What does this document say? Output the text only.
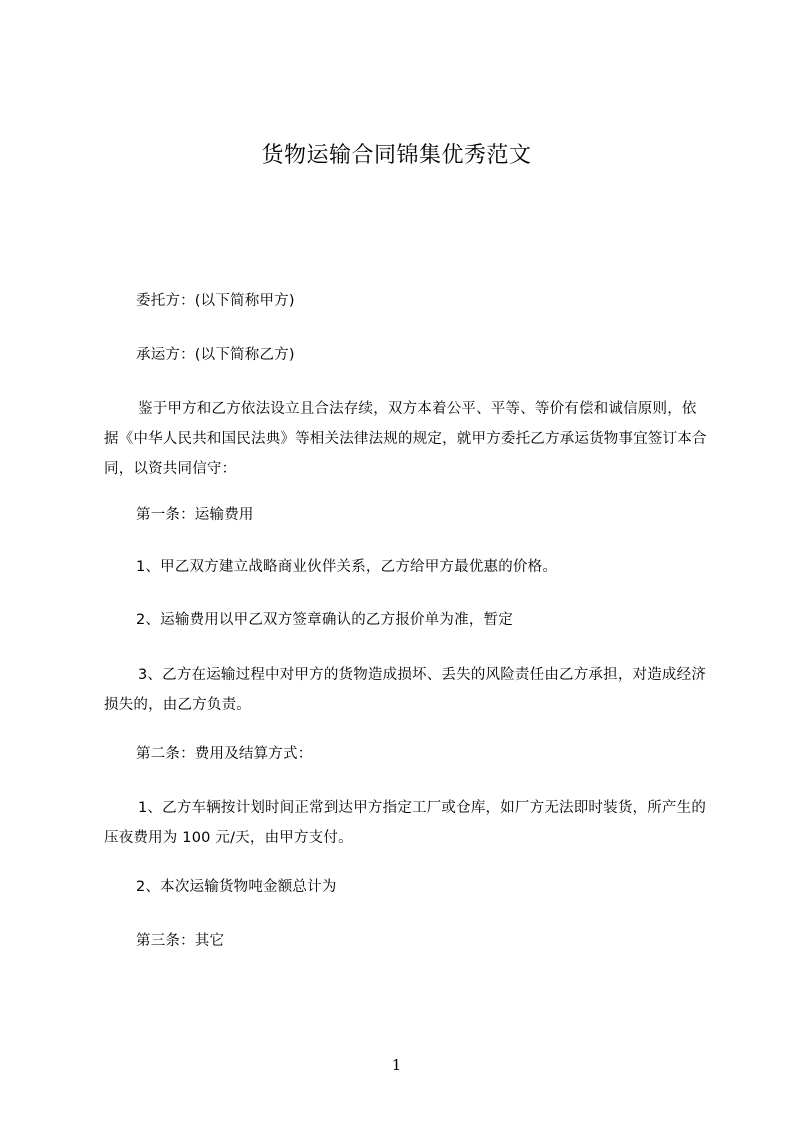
货物运输合同锦集优秀范文
委托方：(以下简称甲方)
承运方：(以下简称乙方)
鉴于甲方和乙方依法设立且合法存续，双方本着公平、平等、等价有偿和诚信原则，依据《中华人民共和国民法典》等相关法律法规的规定，就甲方委托乙方承运货物事宜签订本合同，以资共同信守：
第一条：运输费用
1、甲乙双方建立战略商业伙伴关系，乙方给甲方最优惠的价格。
2、运输费用以甲乙双方签章确认的乙方报价单为准，暂定
3、乙方在运输过程中对甲方的货物造成损坏、丢失的风险责任由乙方承担，对造成经济损失的，由乙方负责。
第二条：费用及结算方式：
1、乙方车辆按计划时间正常到达甲方指定工厂或仓库，如厂方无法即时装货，所产生的压夜费用为 100 元/天，由甲方支付。
2、本次运输货物吨金额总计为
第三条：其它
1
